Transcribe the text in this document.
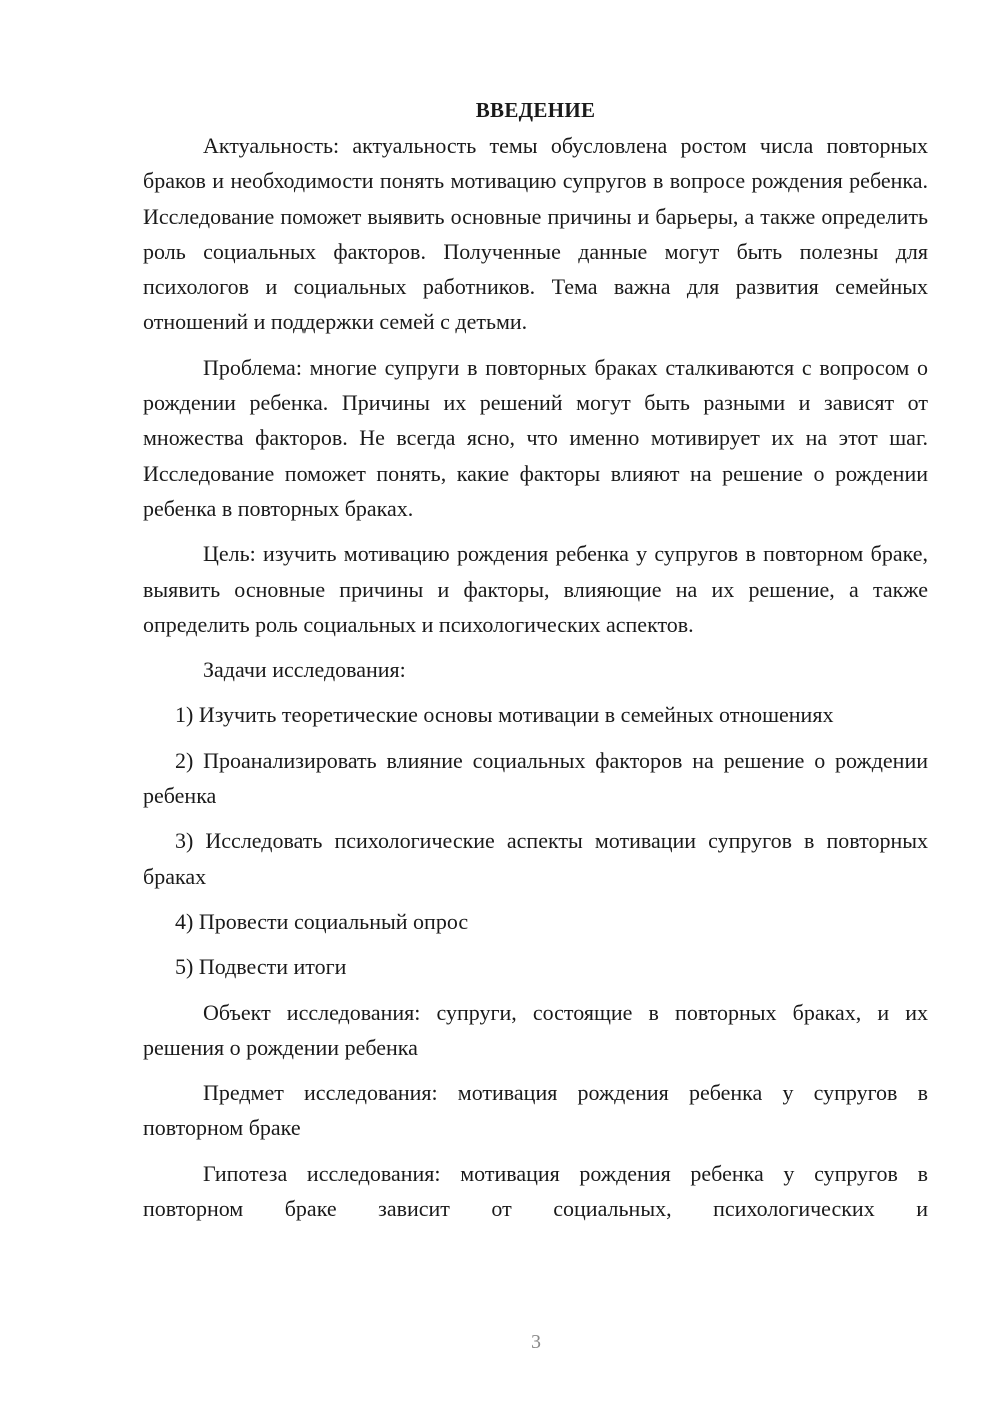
ВВЕДЕНИЕ

Актуальность: актуальность темы обусловлена ростом числа повторных браков и необходимости понять мотивацию супругов в вопросе рождения ребенка. Исследование поможет выявить основные причины и барьеры, а также определить роль социальных факторов. Полученные данные могут быть полезны для психологов и социальных работников. Тема важна для развития семейных отношений и поддержки семей с детьми.

Проблема: многие супруги в повторных браках сталкиваются с вопросом о рождении ребенка. Причины их решений могут быть разными и зависят от множества факторов. Не всегда ясно, что именно мотивирует их на этот шаг. Исследование поможет понять, какие факторы влияют на решение о рождении ребенка в повторных браках.

Цель: изучить мотивацию рождения ребенка у супругов в повторном браке, выявить основные причины и факторы, влияющие на их решение, а также определить роль социальных и психологических аспектов.

Задачи исследования:

1) Изучить теоретические основы мотивации в семейных отношениях

2) Проанализировать влияние социальных факторов на решение о рождении ребенка

3) Исследовать психологические аспекты мотивации супругов в повторных браках

4) Провести социальный опрос

5) Подвести итоги

Объект исследования: супруги, состоящие в повторных браках, и их решения о рождении ребенка

Предмет исследования: мотивация рождения ребенка у супругов в повторном браке

Гипотеза исследования: мотивация рождения ребенка у супругов в повторном браке зависит от социальных, психологических и

3
